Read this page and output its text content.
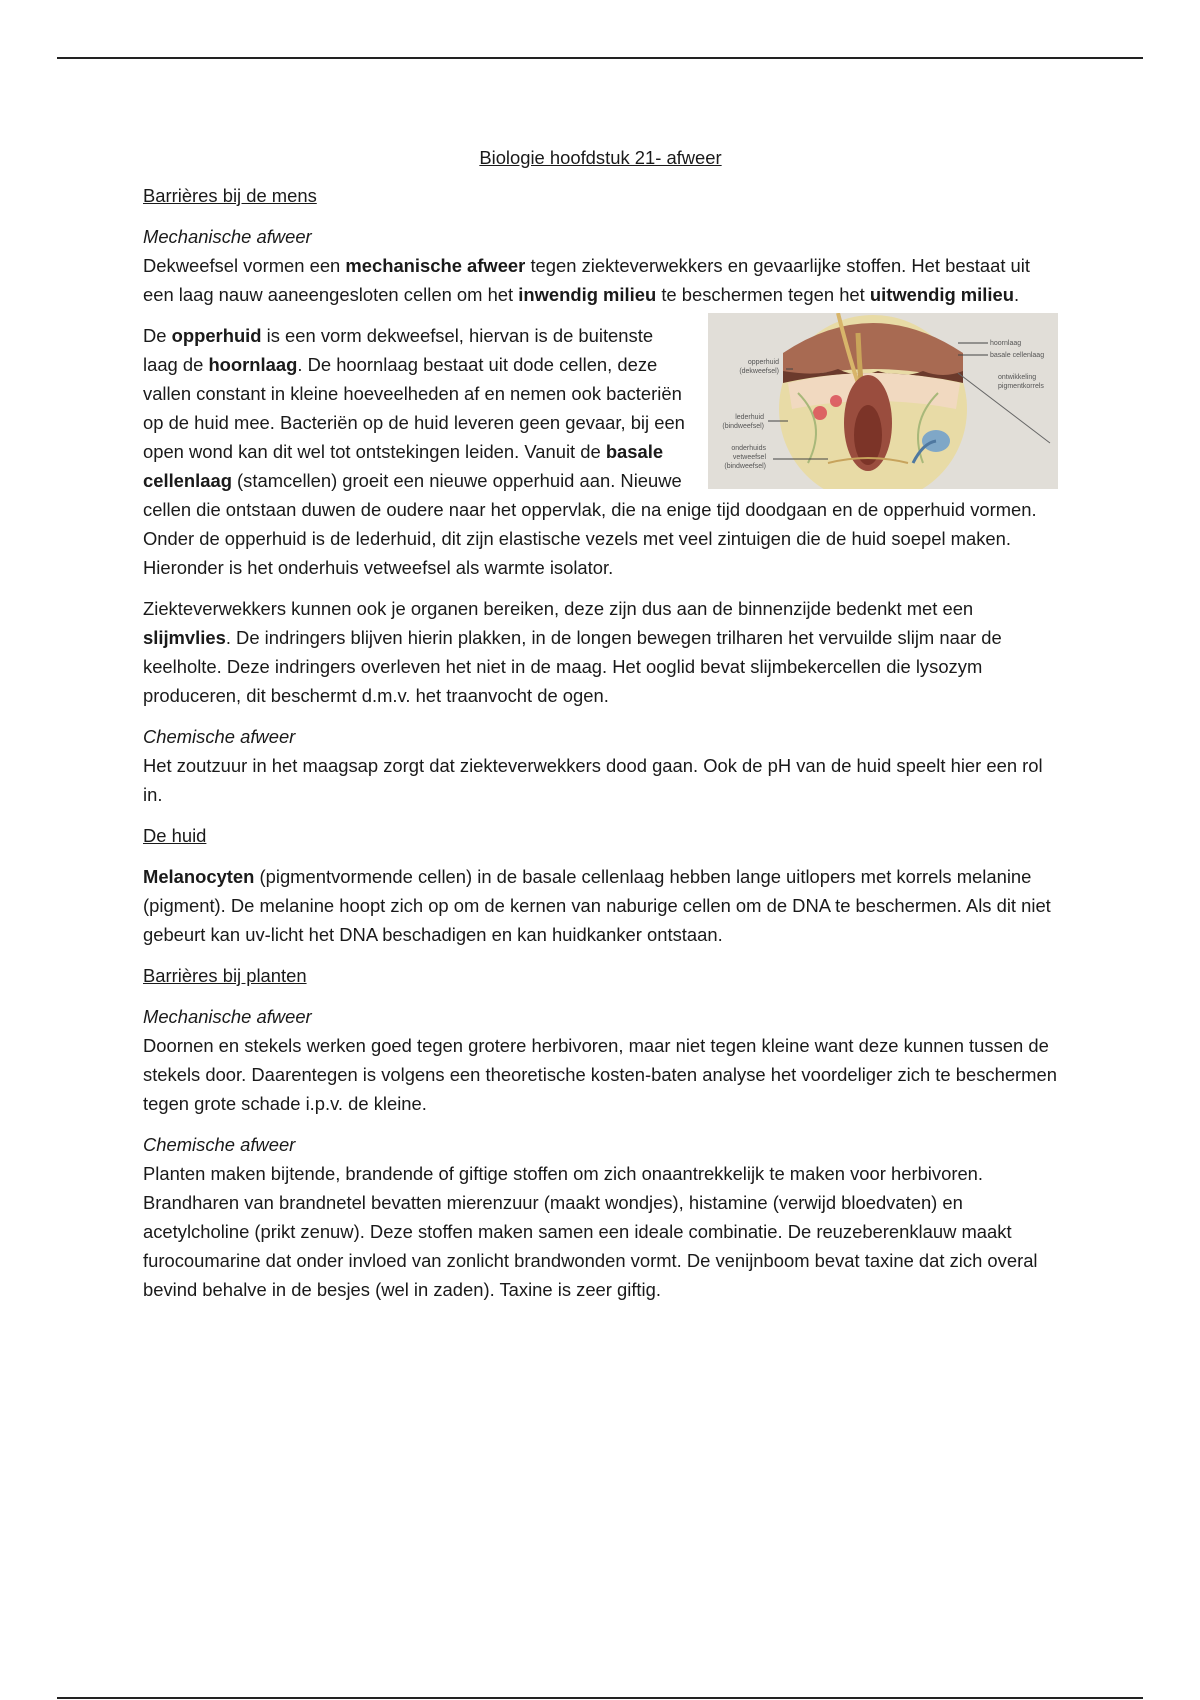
Biologie hoofdstuk 21- afweer
Barrières bij de mens
Mechanische afweer

Dekweefsel vormen een mechanische afweer tegen ziekteverwekkers en gevaarlijke stoffen. Het bestaat uit een laag nauw aaneengesloten cellen om het inwendig milieu te beschermen tegen het uitwendig milieu.

opperhuid
(dekweefsel)
lederhuid
(bindweefsel)
onderhuids
vetweefsel
(bindweefsel)
hoornlaag
basale cellenlaag
ontwikkeling
pigmentkorrels

De opperhuid is een vorm dekweefsel, hiervan is de buitenste laag de hoornlaag. De hoornlaag bestaat uit dode cellen, deze vallen constant in kleine hoeveelheden af en nemen ook bacteriën op de huid mee. Bacteriën op de huid leveren geen gevaar, bij een open wond kan dit wel tot ontstekingen leiden. Vanuit de basale cellenlaag (stamcellen) groeit een nieuwe opperhuid aan. Nieuwe cellen die ontstaan duwen de oudere naar het oppervlak, die na enige tijd doodgaan en de opperhuid vormen. Onder de opperhuid is de lederhuid, dit zijn elastische vezels met veel zintuigen die de huid soepel maken. Hieronder is het onderhuis vetweefsel als warmte isolator.

Ziekteverwekkers kunnen ook je organen bereiken, deze zijn dus aan de binnenzijde bedenkt met een slijmvlies. De indringers blijven hierin plakken, in de longen bewegen trilharen het vervuilde slijm naar de keelholte. Deze indringers overleven het niet in de maag. Het ooglid bevat slijmbekercellen die lysozym produceren, dit beschermt d.m.v. het traanvocht de ogen.

Chemische afweer

Het zoutzuur in het maagsap zorgt dat ziekteverwekkers dood gaan. Ook de pH van de huid speelt hier een rol in.

De huid

Melanocyten (pigmentvormende cellen) in de basale cellenlaag hebben lange uitlopers met korrels melanine (pigment). De melanine hoopt zich op om de kernen van naburige cellen om de DNA te beschermen. Als dit niet gebeurt kan uv-licht het DNA beschadigen en kan huidkanker ontstaan.

Barrières bij planten
Mechanische afweer

Doornen en stekels werken goed tegen grotere herbivoren, maar niet tegen kleine want deze kunnen tussen de stekels door. Daarentegen is volgens een theoretische kosten-baten analyse het voordeliger zich te beschermen tegen grote schade i.p.v. de kleine.

Chemische afweer

Planten maken bijtende, brandende of giftige stoffen om zich onaantrekkelijk te maken voor herbivoren. Brandharen van brandnetel bevatten mierenzuur (maakt wondjes), histamine (verwijd bloedvaten) en acetylcholine (prikt zenuw). Deze stoffen maken samen een ideale combinatie. De reuzeberenklauw maakt furocoumarine dat onder invloed van zonlicht brandwonden vormt. De venijnboom bevat taxine dat zich overal bevind behalve in de besjes (wel in zaden). Taxine is zeer giftig.
